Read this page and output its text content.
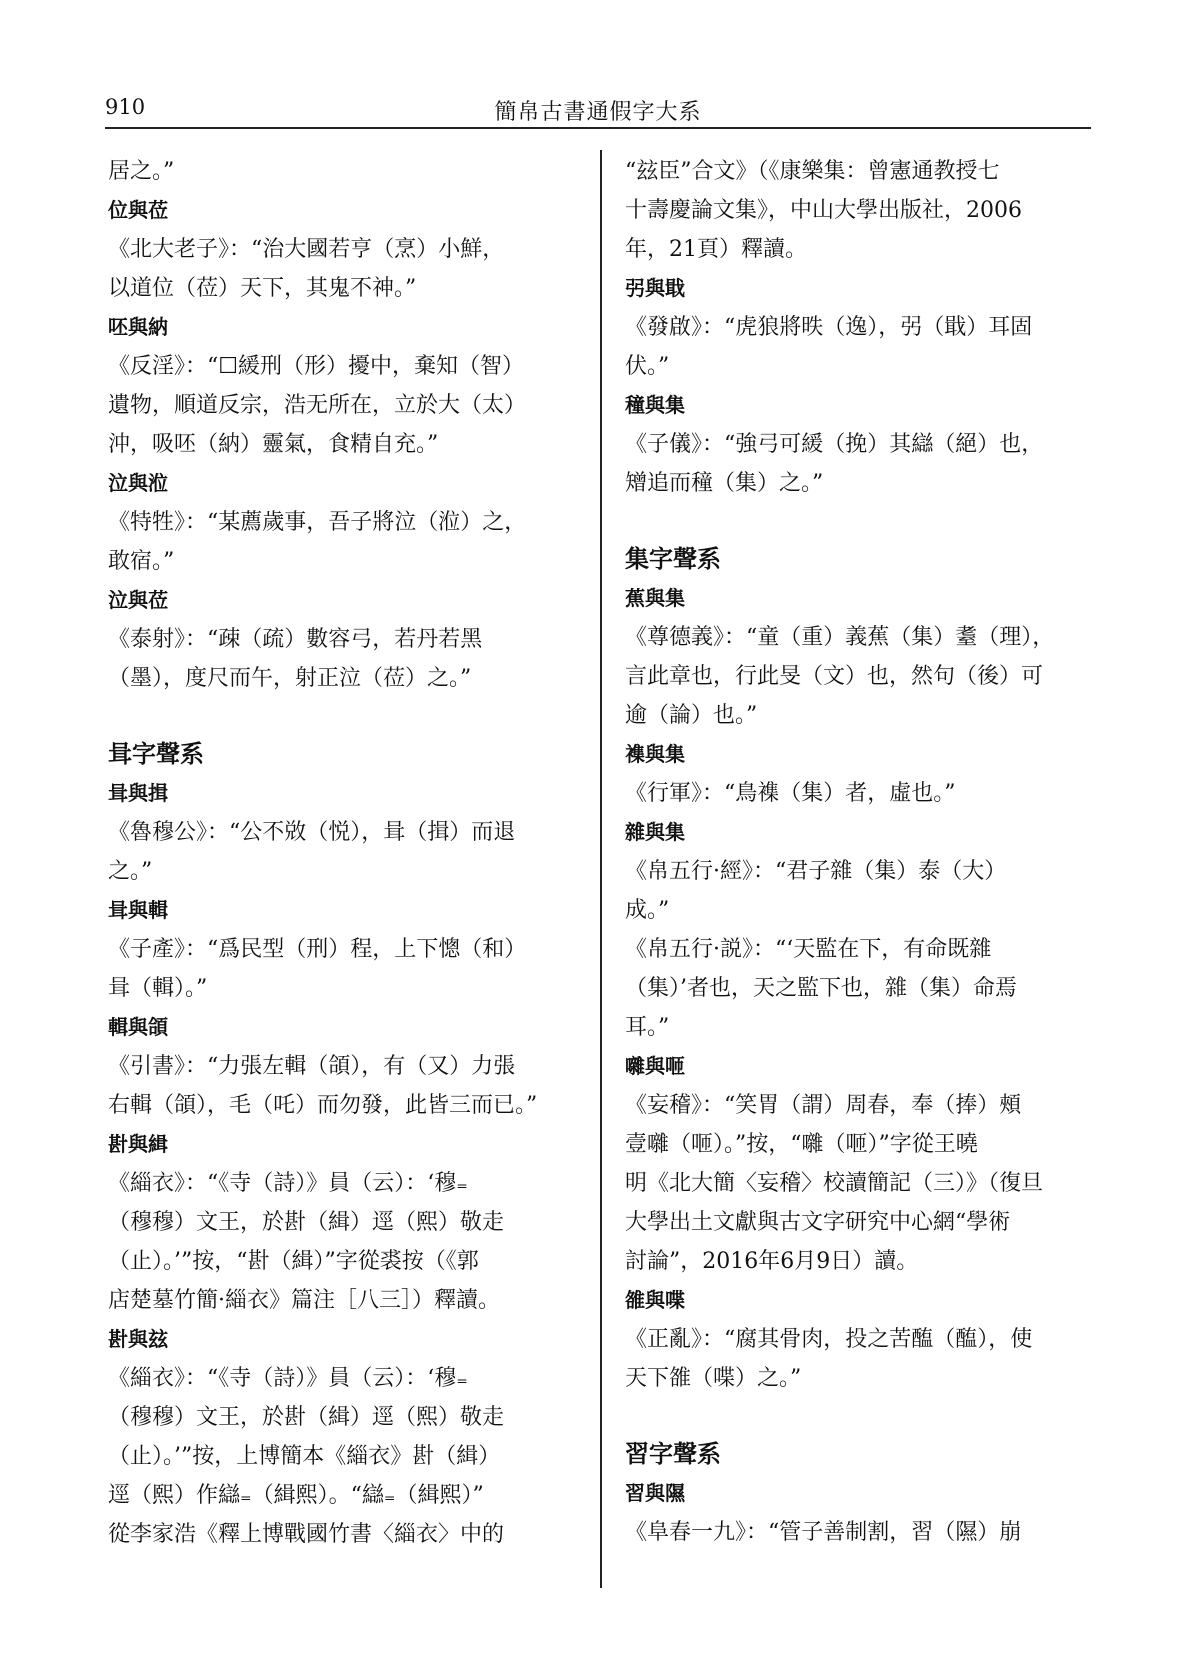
910	簡帛古書通假字大系
居之。”
位與莅
《北大老子》：“治大國若亨（烹）小鮮，
以道位（莅）天下，其鬼不神。”
呸與納
《反淫》：“☐緩刑（形）擾中，棄知（智）
遺物，順道反宗，浩无所在，立於大（太）
沖，吸呸（納）靈氣，食精自充。”
泣與涖
《特牲》：“某薦歲事，吾子將泣（涖）之，
敢宿。”
泣與莅
《泰射》：“疎（疏）數容弓，若丹若黑
（墨），度尺而午，射正泣（莅）之。”
咠字聲系
咠與揖
《魯穆公》：“公不敚（悦），咠（揖）而退
之。”
咠與輯
《子產》：“爲民型（刑）程，上下憁（和）
咠（輯）。”
輯與頜
《引書》：“力張左輯（頜），有（又）力張
右輯（頜），毛（吒）而勿發，此皆三而已。”
卙與緝
《緇衣》：“《寺（詩）》員（云）：‘穆₌
（穆穆）文王，於卙（緝）逕（熙）敬走
（止）。’”按，“卙（緝）”字從裘按（《郭
店楚墓竹簡·緇衣》篇注［八三］）釋讀。
卙與玆
《緇衣》：“《寺（詩）》員（云）：‘穆₌
（穆穆）文王，於卙（緝）逕（熙）敬走
（止）。’”按，上博簡本《緇衣》卙（緝）
逕（熙）作䜌₌（緝熙）。“䜌₌（緝熙）”
從李家浩《釋上博戰國竹書〈緇衣〉中的
“玆臣”合文》（《康樂集：曾憲通教授七
十壽慶論文集》，中山大學出版社，2006
年，21頁）釋讀。
弜與戢
《發啟》：“虎狼將昳（逸），弜（戢）耳固
伏。”
穜與集
《子儀》：“強弓可緩（挽）其䜌（絕）也，
矰追而穜（集）之。”
集字聲系
蕉與集
《尊德義》：“童（重）義蕉（集）耋（理），
言此章也，行此旻（文）也，然句（後）可
逾（論）也。”
襍與集
《行軍》：“鳥襍（集）者，虛也。”
雜與集
《帛五行·經》：“君子雜（集）泰（大）
成。”
《帛五行·説》：“‘天監在下，有命既雜
（集）’者也，天之監下也，雜（集）命焉
耳。”
囃與咂
《妄稽》：“笑胃（謂）周春，奉（捧）頰
壹囃（咂）。”按，“囃（咂）”字從王曉
明《北大簡〈妄稽〉校讀簡記（三）》（復旦
大學出土文獻與古文字研究中心網“學術
討論”，2016年6月9日）讀。
雒與喋
《正亂》：“腐其骨肉，投之苦醢（醢），使
天下雒（喋）之。”
習字聲系
習與隰
《阜春一九》：“管子善制割，習（隰）崩
